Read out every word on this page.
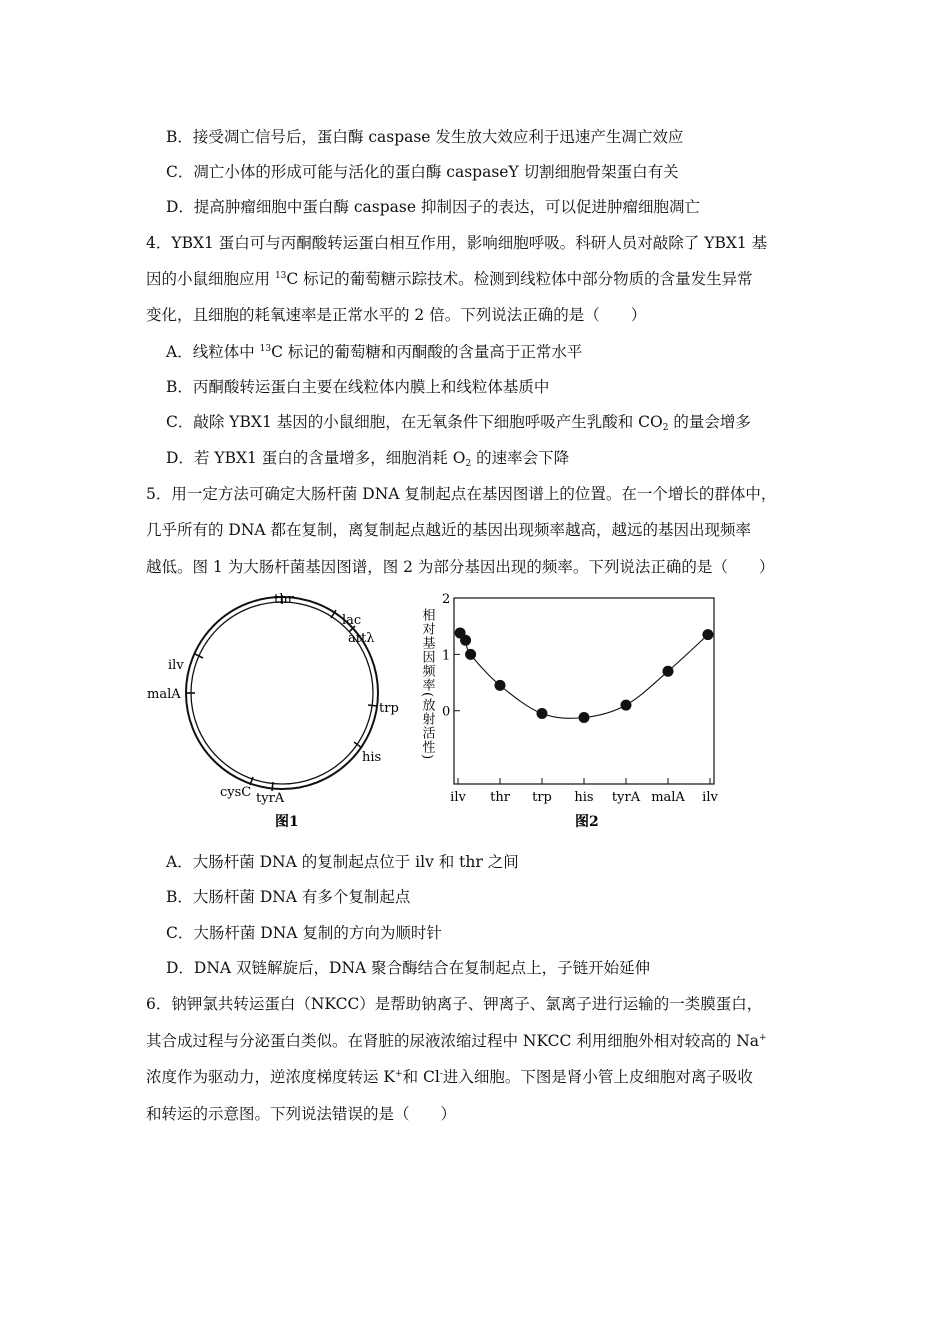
B．接受凋亡信号后，蛋白酶 caspase 发生放大效应利于迅速产生凋亡效应
C．凋亡小体的形成可能与活化的蛋白酶 caspaseY 切割细胞骨架蛋白有关
D．提高肿瘤细胞中蛋白酶 caspase 抑制因子的表达，可以促进肿瘤细胞凋亡
4．YBX1 蛋白可与丙酮酸转运蛋白相互作用，影响细胞呼吸。科研人员对敲除了 YBX1 基
因的小鼠细胞应用 $^{13}$C 标记的葡萄糖示踪技术。检测到线粒体中部分物质的含量发生异常
变化，且细胞的耗氧速率是正常水平的 2 倍。下列说法正确的是（　　）
A．线粒体中 $^{13}$C 标记的葡萄糖和丙酮酸的含量高于正常水平
B．丙酮酸转运蛋白主要在线粒体内膜上和线粒体基质中
C．敲除 YBX1 基因的小鼠细胞，在无氧条件下细胞呼吸产生乳酸和 $CO_2$ 的量会增多
D．若 YBX1 蛋白的含量增多，细胞消耗 $O_2$ 的速率会下降
5．用一定方法可确定大肠杆菌 DNA 复制起点在基因图谱上的位置。在一个增长的群体中，
几乎所有的 DNA 都在复制，离复制起点越近的基因出现频率越高，越远的基因出现频率
越低。图 1 为大肠杆菌基因图谱，图 2 为部分基因出现的频率。下列说法正确的是（　　）
thr
lac
attλ
trp
his
tyrA
cysC
malA
ilv
图1
相对基因频率(放射活性) 0
1
2
ilv thr trp his tyrA malA ilv
图2
A．大肠杆菌 DNA 的复制起点位于 ilv 和 thr 之间
B．大肠杆菌 DNA 有多个复制起点
C．大肠杆菌 DNA 复制的方向为顺时针
D．DNA 双链解旋后，DNA 聚合酶结合在复制起点上，子链开始延伸
6．钠钾氯共转运蛋白（NKCC）是帮助钠离子、钾离子、氯离子进行运输的一类膜蛋白，
其合成过程与分泌蛋白类似。在肾脏的尿液浓缩过程中 NKCC 利用细胞外相对较高的 Na+
浓度作为驱动力，逆浓度梯度转运 K+和 Cl-进入细胞。下图是肾小管上皮细胞对离子吸收
和转运的示意图。下列说法错误的是（　　）
